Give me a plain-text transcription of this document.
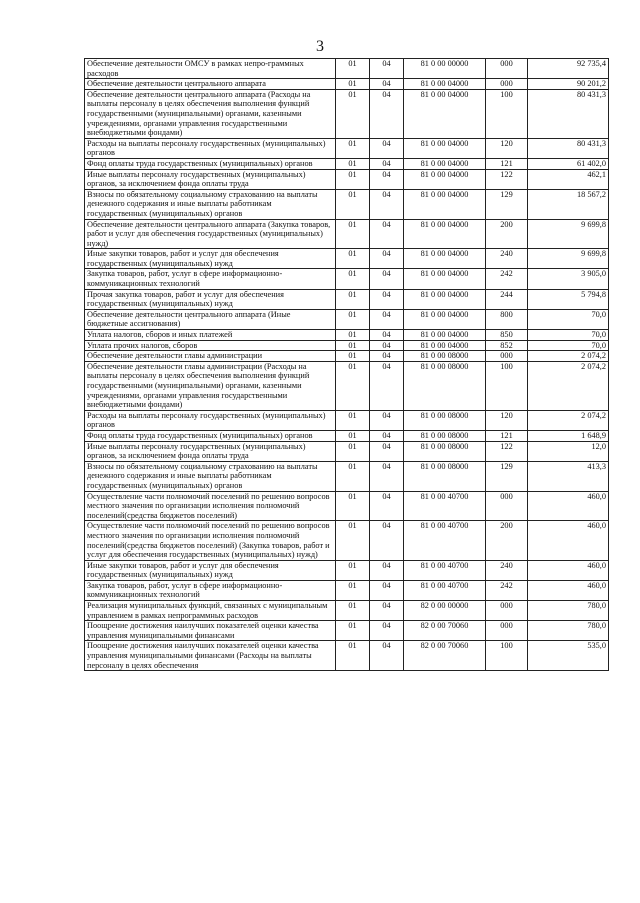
3
Обеспечение деятельности ОМСУ в рамках непро-граммных расходов	01	04	81 0 00 00000	000	92 735,4
Обеспечение деятельности центрального аппарата	01	04	81 0 00 04000	000	90 201,2
Обеспечение деятельности центрального аппарата (Расходы на выплаты персоналу в целях обеспечения выполнения функций государственными (муниципальными) органами, казенными учреждениями, органами управления государственными внебюджетными фондами)	01	04	81 0 00 04000	100	80 431,3
Расходы на выплаты персоналу государственных (муниципальных) органов	01	04	81 0 00 04000	120	80 431,3
Фонд оплаты труда государственных (муниципальных) органов	01	04	81 0 00 04000	121	61 402,0
Иные выплаты персоналу государственных (муниципальных) органов, за исключением фонда оплаты труда	01	04	81 0 00 04000	122	462,1
Взносы по обязательному социальному страхованию на выплаты денежного содержания и иные выплаты работникам государственных (муниципальных) органов	01	04	81 0 00 04000	129	18 567,2
Обеспечение деятельности центрального аппарата (Закупка товаров, работ и услуг для обеспечения государственных (муниципальных) нужд)	01	04	81 0 00 04000	200	9 699,8
Иные закупки товаров, работ и услуг для обеспечения государственных (муниципальных) нужд	01	04	81 0 00 04000	240	9 699,8
Закупка товаров, работ, услуг в сфере информационно-коммуникационных технологий	01	04	81 0 00 04000	242	3 905,0
Прочая закупка товаров, работ и услуг для обеспечения государственных (муниципальных) нужд	01	04	81 0 00 04000	244	5 794,8
Обеспечение деятельности центрального аппарата (Иные бюджетные ассигнования)	01	04	81 0 00 04000	800	70,0
Уплата налогов, сборов и иных платежей	01	04	81 0 00 04000	850	70,0
Уплата прочих налогов, сборов	01	04	81 0 00 04000	852	70,0
Обеспечение деятельности главы администрации	01	04	81 0 00 08000	000	2 074,2
Обеспечение деятельности главы администрации (Расходы на выплаты персоналу в целях обеспечения выполнения функций государственными (муниципальными) органами, казенными учреждениями, органами управления государственными внебюджетными фондами)	01	04	81 0 00 08000	100	2 074,2
Расходы на выплаты персоналу государственных (муниципальных) органов	01	04	81 0 00 08000	120	2 074,2
Фонд оплаты труда государственных (муниципальных) органов	01	04	81 0 00 08000	121	1 648,9
Иные выплаты персоналу государственных (муниципальных) органов, за исключением фонда оплаты труда	01	04	81 0 00 08000	122	12,0
Взносы по обязательному социальному страхованию на выплаты денежного содержания и иные выплаты работникам государственных (муниципальных) органов	01	04	81 0 00 08000	129	413,3
Осуществление части полномочий поселений по решению вопросов местного значения по организации исполнения полномочий поселений(средства бюджетов поселений)	01	04	81 0 00 40700	000	460,0
Осуществление части полномочий поселений по решению вопросов местного значения по организации исполнения полномочий поселений(средства бюджетов поселений) (Закупка товаров, работ и услуг для обеспечения государственных (муниципальных) нужд)	01	04	81 0 00 40700	200	460,0
Иные закупки товаров, работ и услуг для обеспечения государственных (муниципальных) нужд	01	04	81 0 00 40700	240	460,0
Закупка товаров, работ, услуг в сфере информационно-коммуникационных технологий	01	04	81 0 00 40700	242	460,0
Реализация муниципальных функций, связанных с муниципальным управлением в рамках непрограммных расходов	01	04	82 0 00 00000	000	780,0
Поощрение достижения наилучших показателей оценки качества управления муниципальными финансами	01	04	82 0 00 70060	000	780,0
Поощрение достижения наилучших показателей оценки качества управления муниципальными финансами (Расходы на выплаты персоналу в целях обеспечения	01	04	82 0 00 70060	100	535,0
